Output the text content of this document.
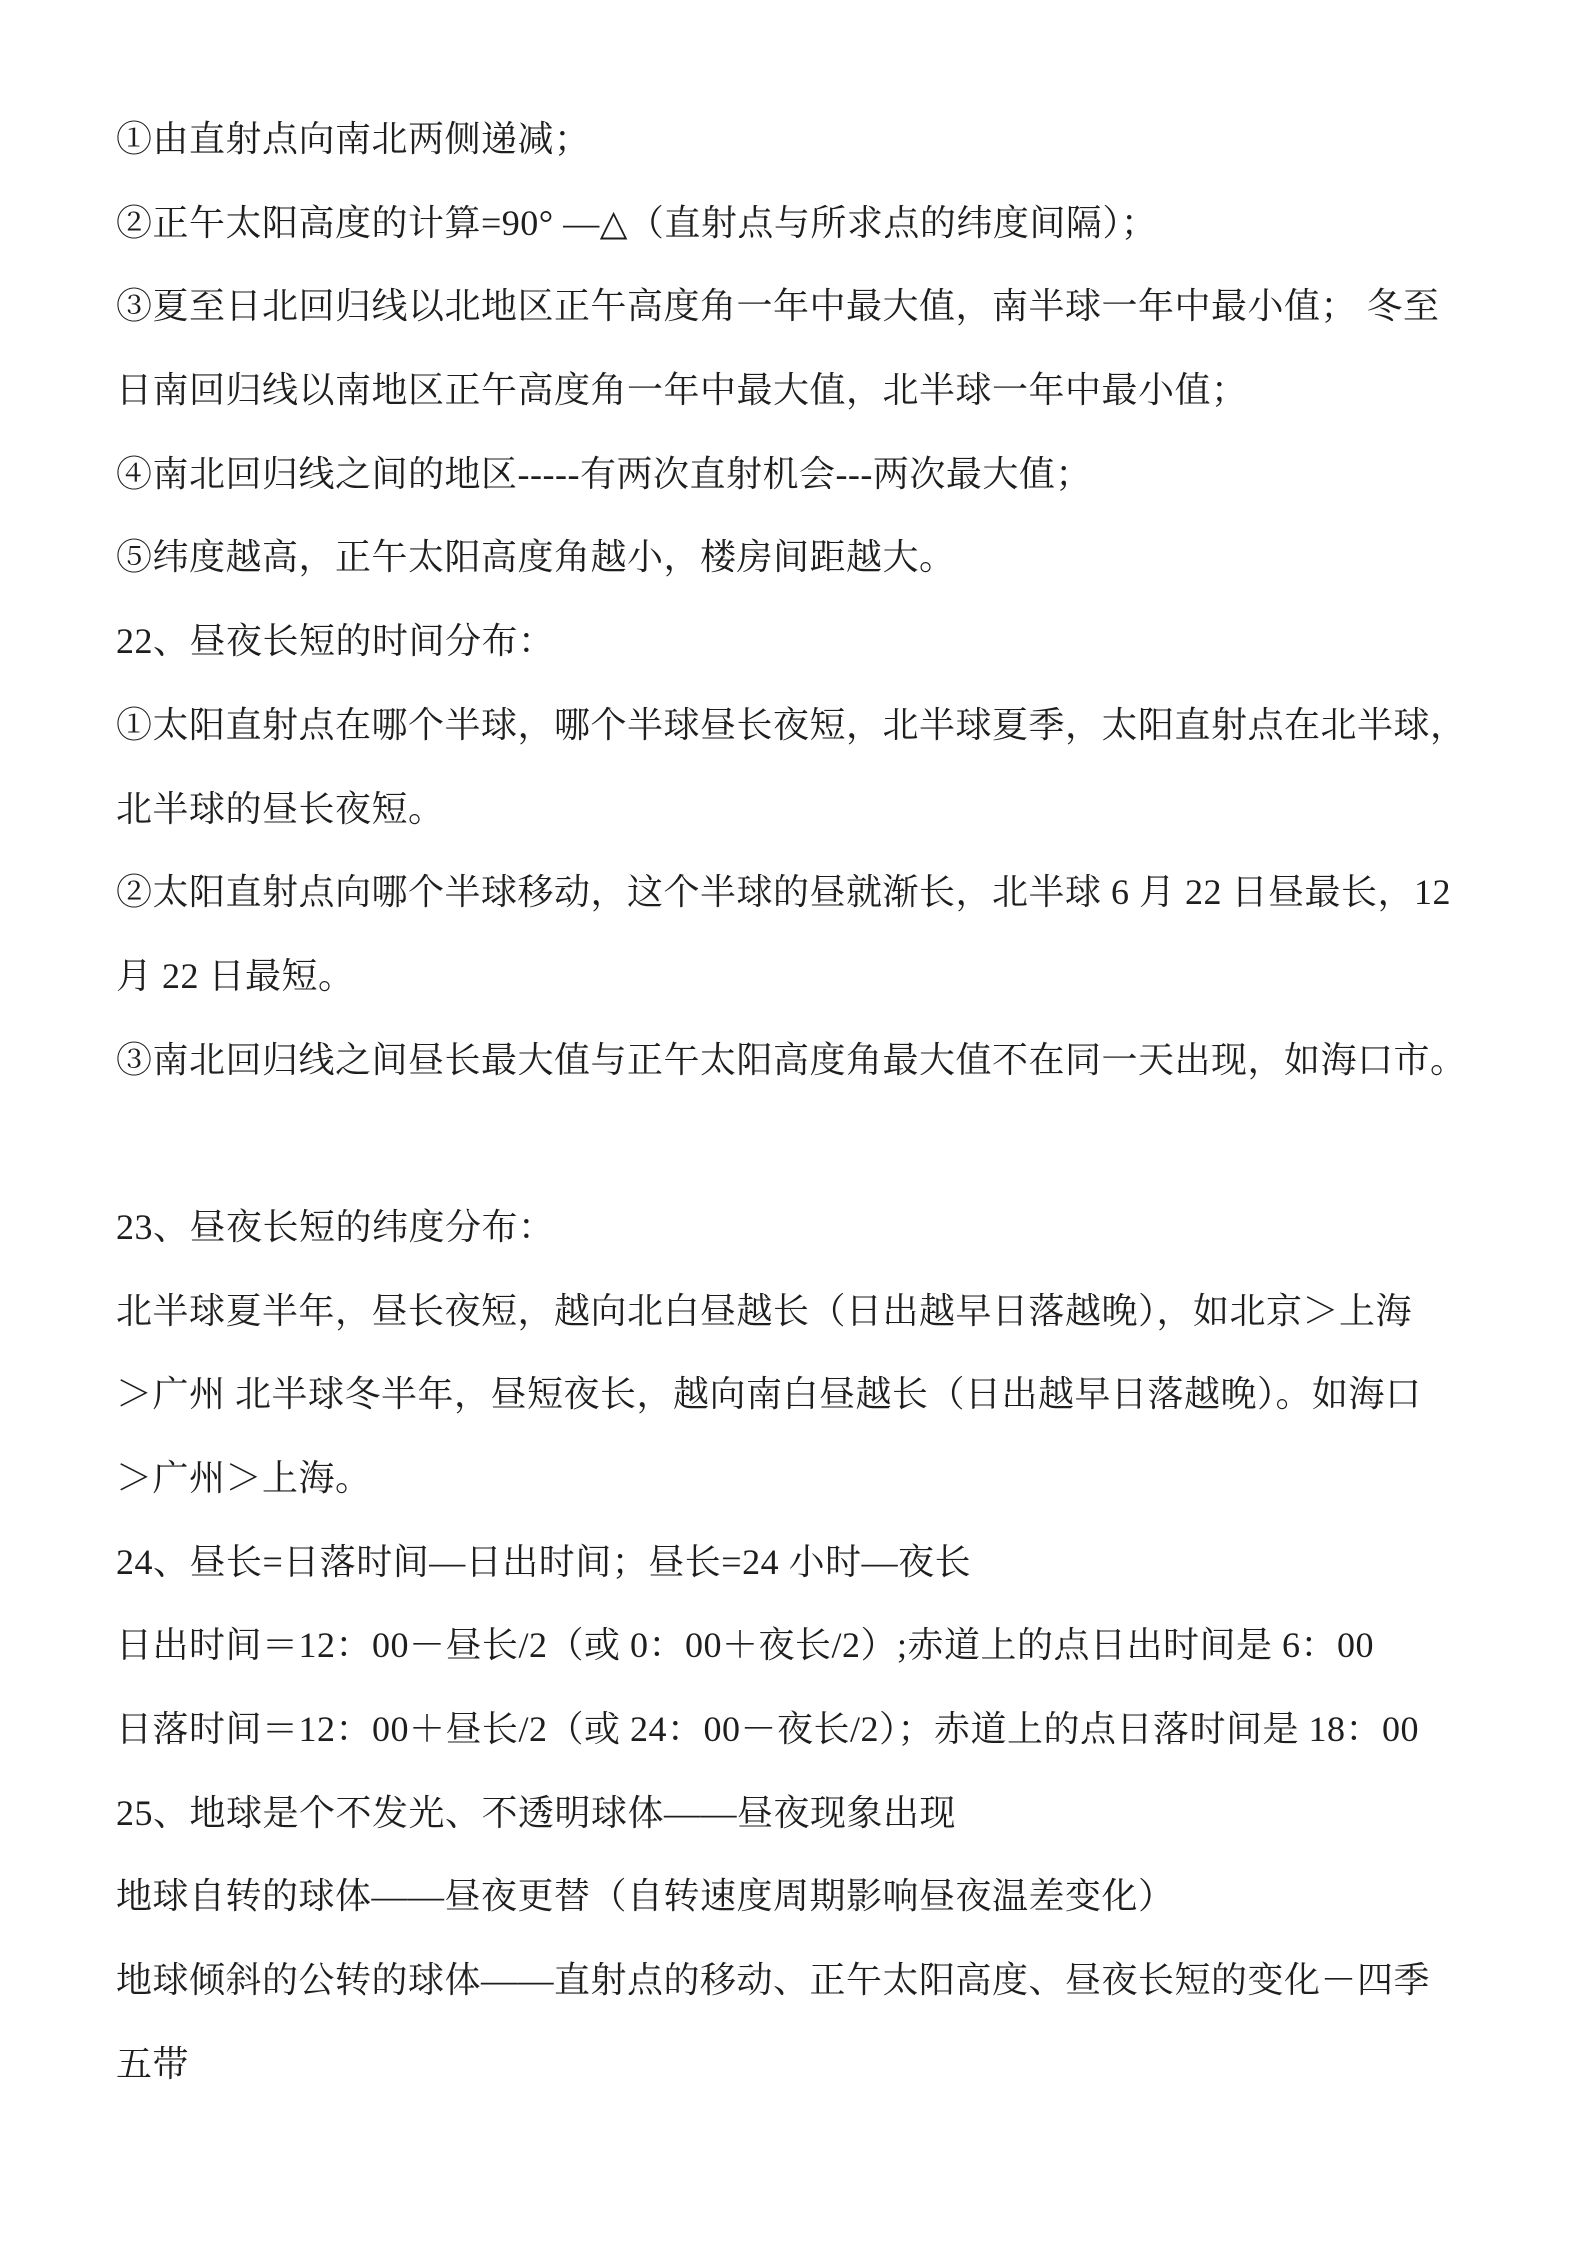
①由直射点向南北两侧递减；
②正午太阳高度的计算=90° —△（直射点与所求点的纬度间隔）；
③夏至日北回归线以北地区正午高度角一年中最大值，南半球一年中最小值； 冬至
日南回归线以南地区正午高度角一年中最大值，北半球一年中最小值；
④南北回归线之间的地区-----有两次直射机会---两次最大值；
⑤纬度越高，正午太阳高度角越小，楼房间距越大。
22、昼夜长短的时间分布：
①太阳直射点在哪个半球，哪个半球昼长夜短，北半球夏季，太阳直射点在北半球，
北半球的昼长夜短。
②太阳直射点向哪个半球移动，这个半球的昼就渐长，北半球 6 月 22 日昼最长，12
月 22 日最短。
③南北回归线之间昼长最大值与正午太阳高度角最大值不在同一天出现，如海口市。
23、昼夜长短的纬度分布：
北半球夏半年，昼长夜短，越向北白昼越长（日出越早日落越晚），如北京＞上海
＞广州 北半球冬半年，昼短夜长，越向南白昼越长（日出越早日落越晚）。如海口
＞广州＞上海。
24、昼长=日落时间—日出时间；昼长=24 小时—夜长
日出时间＝12：00－昼长/2（或 0：00＋夜长/2）;赤道上的点日出时间是 6：00
日落时间＝12：00＋昼长/2（或 24：00－夜长/2）；赤道上的点日落时间是 18：00
25、地球是个不发光、不透明球体——昼夜现象出现
地球自转的球体——昼夜更替（自转速度周期影响昼夜温差变化）
地球倾斜的公转的球体——直射点的移动、正午太阳高度、昼夜长短的变化－四季
五带
